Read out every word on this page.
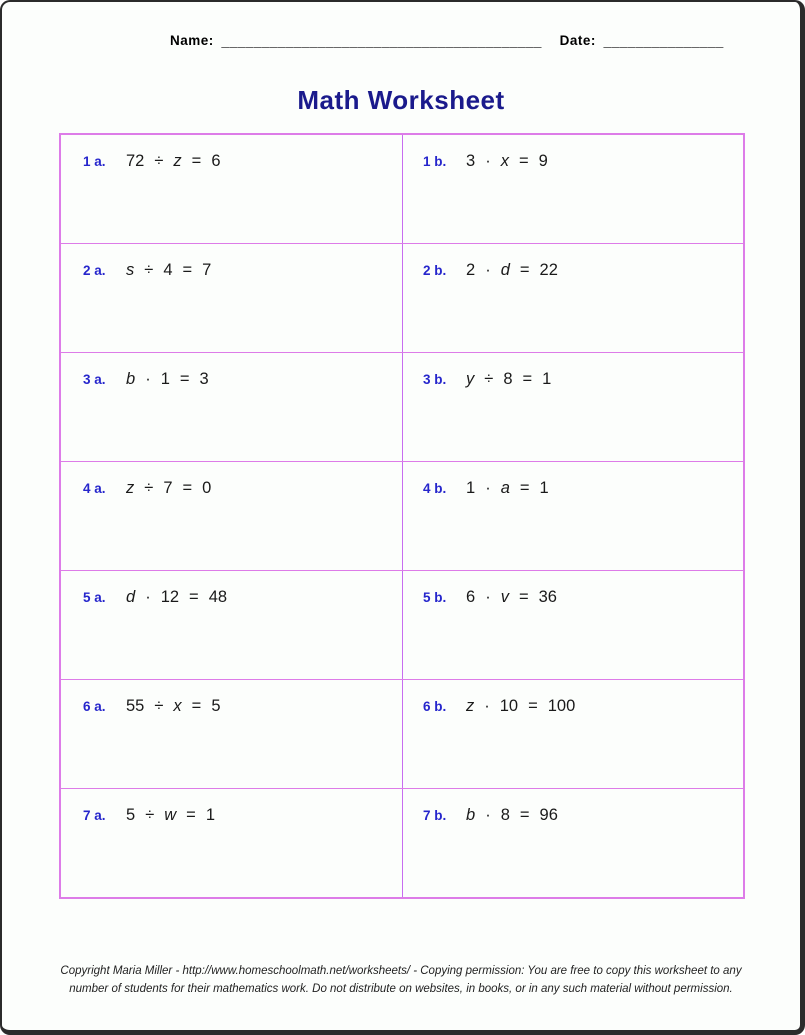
Name: ________________________________________ Date: _______________
Math Worksheet
1 a.	72 ÷ z = 6	1 b.	3 · x = 9
2 a.	s ÷ 4 = 7	2 b.	2 · d = 22
3 a.	b · 1 = 3	3 b.	y ÷ 8 = 1
4 a.	z ÷ 7 = 0	4 b.	1 · a = 1
5 a.	d · 12 = 48	5 b.	6 · v = 36
6 a.	55 ÷ x = 5	6 b.	z · 10 = 100
7 a.	5 ÷ w = 1	7 b.	b · 8 = 96
Copyright Maria Miller - http://www.homeschoolmath.net/worksheets/ - Copying permission: You are free to copy this worksheet to any
number of students for their mathematics work. Do not distribute on websites, in books, or in any such material without permission.
